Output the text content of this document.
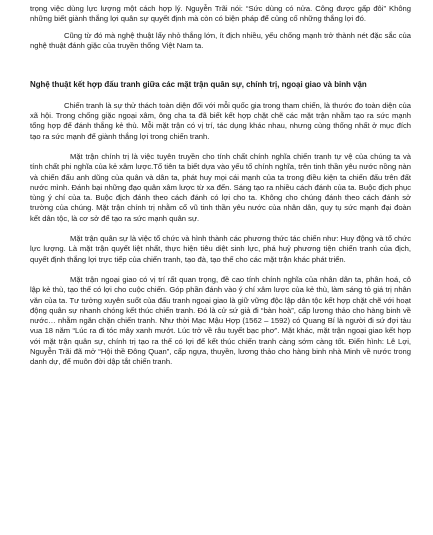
trọng việc dùng lực lượng một cách hợp lý. Nguyễn Trãi nói: “Sức dùng có nửa. Công được gấp đôi” Không những biết giành thắng lợi quân sự quyết định mà còn có biện pháp để củng cố những thắng lợi đó.

Cũng từ đó mà nghệ thuật lấy nhỏ thắng lớn, ít địch nhiều, yếu chống mạnh trở thành nét đặc sắc của nghệ thuật đánh giặc của truyền thống Việt Nam ta.

Nghệ thuật kết hợp đấu tranh giữa các mặt trận quân sự, chính trị, ngoại giao và binh vận

Chiến tranh là sự thử thách toàn diện đối với mỗi quốc gia trong tham chiến, là thước đo toàn diện của xã hội. Trong chống giặc ngoại xâm, ông cha ta đã biết kết hợp chặt chẽ các mặt trận nhằm tạo ra sức mạnh tổng hợp để đánh thắng kẻ thù. Mỗi mặt trận có vị trí, tác dụng khác nhau, nhưng cùng thống nhất ở mục đích tạo ra sức mạnh để giành thắng lợi trong chiến tranh.

Mặt trận chính trị là việc tuyên truyền cho tính chất chính nghĩa chiến tranh tự vệ của chúng ta và tính chất phi nghĩa của kẻ xâm lược.Tổ tiên ta biết dựa vào yếu tố chính nghĩa, trên tinh thần yêu nước nồng nàn và chiến đấu anh dũng của quân và dân ta, phát huy mọi cái mạnh của ta trong điều kiện ta chiến đấu trên đất nước mình. Đánh bại những đạo quân xâm lược từ xa đến. Sáng tạo ra nhiều cách đánh của ta. Buộc địch phục tùng ý chí của ta. Buộc địch đánh theo cách đánh có lợi cho ta. Không cho chúng đánh theo cách đánh sở trường của chúng. Mặt trận chính trị nhằm cổ vũ tinh thần yêu nước của nhân dân, quy tụ sức mạnh đại đoàn kết dân tộc, là cơ sở để tạo ra sức mạnh quân sự.

Mặt trận quân sự là việc tổ chức và hình thành các phương thức tác chiến như: Huy động và tổ chức lực lượng. Là mặt trận quyết liệt nhất, thực hiện tiêu diệt sinh lực, phá huỷ phương tiện chiến tranh của địch, quyết định thắng lợi trực tiếp của chiến tranh, tạo đà, tạo thế cho các mặt trận khác phát triển.

Mặt trận ngoại giao có vị trí rất quan trọng, đề cao tính chính nghĩa của nhân dân ta, phân hoá, cô lập kẻ thù, tạo thế có lợi cho cuộc chiến. Góp phần đánh vào ý chí xâm lược của kẻ thù, làm sáng tỏ giá trị nhân văn của ta. Tư tưởng xuyên suốt của đấu tranh ngoại giao là giữ vững độc lập dân tộc kết hợp chặt chẽ với hoạt động quân sự nhanh chóng kết thúc chiến tranh. Đó là cử sứ giả đi “bàn hoà”, cấp lương thảo cho hàng binh về nước… nhằm ngăn chặn chiến tranh. Như thời Mạc Mậu Hợp (1562 – 1592) có Quang Bí là người đi sứ đợi tàu vua 18 năm “Lúc ra đi tóc mây xanh mướt. Lúc trở về râu tuyết bạc phơ”. Mặt khác, mặt trận ngoại giao kết hợp với mặt trận quân sự, chính trị tạo ra thế có lợi để kết thúc chiến tranh càng sớm càng tốt. Điển hình: Lê Lợi, Nguyễn Trãi đã mở “Hội thề Đông Quan”, cấp ngựa, thuyền, lương thảo cho hàng binh nhà Minh về nước trong danh dự, để muôn đời dập tắt chiến tranh.
